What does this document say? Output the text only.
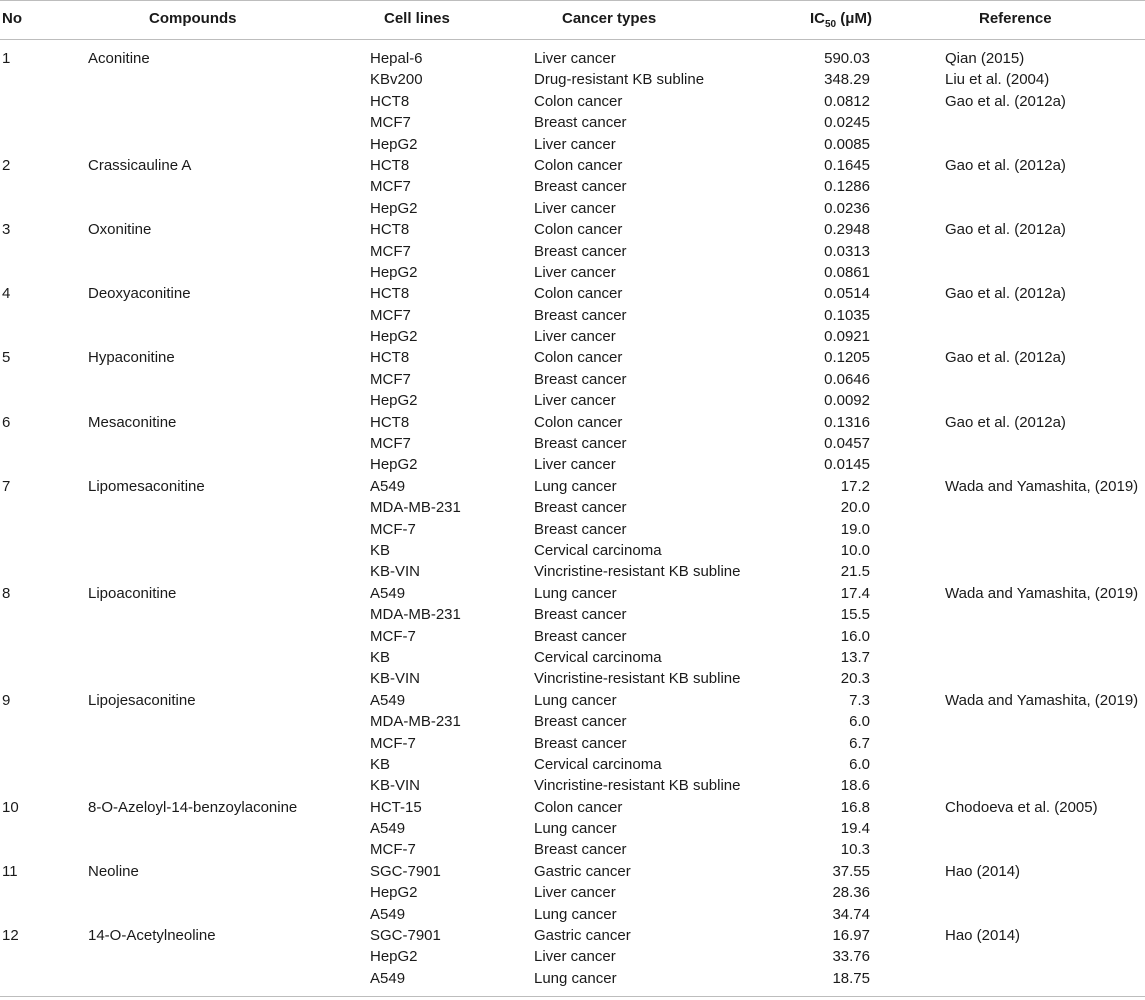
No	Compounds	Cell lines	Cancer types	$IC_{50}$ (μM)	Reference
1	Aconitine	Hepal-6	Liver cancer	590.03	Qian (2015)
KBv200	Drug-resistant KB subline	348.29	Liu et al. (2004)
HCT8	Colon cancer	0.0812	Gao et al. (2012a)
MCF7	Breast cancer	0.0245
HepG2	Liver cancer	0.0085
2	Crassicauline A	HCT8	Colon cancer	0.1645	Gao et al. (2012a)
MCF7	Breast cancer	0.1286
HepG2	Liver cancer	0.0236
3	Oxonitine	HCT8	Colon cancer	0.2948	Gao et al. (2012a)
MCF7	Breast cancer	0.0313
HepG2	Liver cancer	0.0861
4	Deoxyaconitine	HCT8	Colon cancer	0.0514	Gao et al. (2012a)
MCF7	Breast cancer	0.1035
HepG2	Liver cancer	0.0921
5	Hypaconitine	HCT8	Colon cancer	0.1205	Gao et al. (2012a)
MCF7	Breast cancer	0.0646
HepG2	Liver cancer	0.0092
6	Mesaconitine	HCT8	Colon cancer	0.1316	Gao et al. (2012a)
MCF7	Breast cancer	0.0457
HepG2	Liver cancer	0.0145
7	Lipomesaconitine	A549	Lung cancer	17.2	Wada and Yamashita, (2019)
MDA-MB-231	Breast cancer	20.0
MCF-7	Breast cancer	19.0
KB	Cervical carcinoma	10.0
KB-VIN	Vincristine-resistant KB subline	21.5
8	Lipoaconitine	A549	Lung cancer	17.4	Wada and Yamashita, (2019)
MDA-MB-231	Breast cancer	15.5
MCF-7	Breast cancer	16.0
KB	Cervical carcinoma	13.7
KB-VIN	Vincristine-resistant KB subline	20.3
9	Lipojesaconitine	A549	Lung cancer	7.3	Wada and Yamashita, (2019)
MDA-MB-231	Breast cancer	6.0
MCF-7	Breast cancer	6.7
KB	Cervical carcinoma	6.0
KB-VIN	Vincristine-resistant KB subline	18.6
10	8-O-Azeloyl-14-benzoylaconine	HCT-15	Colon cancer	16.8	Chodoeva et al. (2005)
A549	Lung cancer	19.4
MCF-7	Breast cancer	10.3
11	Neoline	SGC-7901	Gastric cancer	37.55	Hao (2014)
HepG2	Liver cancer	28.36
A549	Lung cancer	34.74
12	14-O-Acetylneoline	SGC-7901	Gastric cancer	16.97	Hao (2014)
HepG2	Liver cancer	33.76
A549	Lung cancer	18.75
